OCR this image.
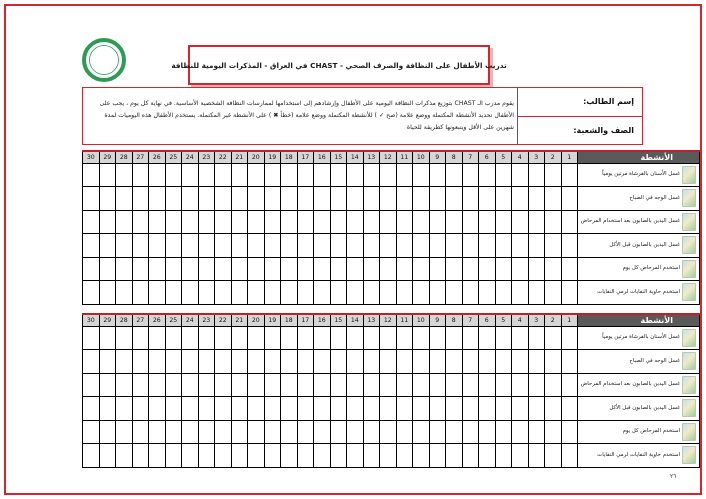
تدريب الأطفال على النظافة والصرف الصحي - CHAST في العراق - المذكرات اليومية للنظافة
يقوم مدرب الـ CHAST بتوزيع مذكرات النظافة اليومية على الأطفال وإرشادهم إلى استخدامها لممارسات النظافة الشخصية الأساسية. في نهاية كل يوم ، يجب على الأطفال تحديد الأنشطة المكتملة ووضع علامة (صح ✓ ) للأنشطة المكتملة ووضع علامة (خطأ ✖ ) على الأنشطة غير المكتملة. يستخدم الأطفال هذه اليوميات لمدة شهرين على الأقل ويتبعونها كطريقة للحياة	إسم الطالب:
الصف والشعبة:
30	29	28	27	26	25	24	23	22	21	20	19	18	17	16	15	14	13	12	11	10	9	8	7	6	5	4	3	2	1	الأنشطة

																														غسل الأسنان بالفرشاة مرتين يومياً

																														غسل الوجه في الصباح

																														غسل اليدين بالصابون بعد استخدام المرحاض

																														غسل اليدين بالصابون قبل الأكل

																														استخدم المرحاض كل يوم

																														استخدم حاوية النفايات لرمي النفايات
30	29	28	27	26	25	24	23	22	21	20	19	18	17	16	15	14	13	12	11	10	9	8	7	6	5	4	3	2	1	الأنشطة

																														غسل الأسنان بالفرشاة مرتين يومياً

																														غسل الوجه في الصباح

																														غسل اليدين بالصابون بعد استخدام المرحاض

																														غسل اليدين بالصابون قبل الأكل

																														استخدم المرحاض كل يوم

																														استخدم حاوية النفايات لرمي النفايات
٢٦
